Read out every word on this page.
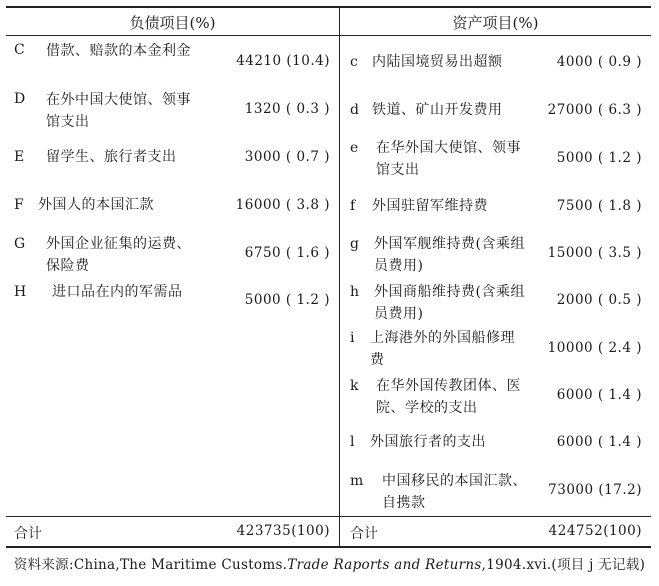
负债项目(%)	资产项目(%)
C 借款、赔款的本金利金
44210 (10.4)
D 在外中国大使馆、领事馆支出
1320 ( 0.3 )
E 留学生、旅行者支出	3000 ( 0.7 )
F 外国人的本国汇款	16000 ( 3.8 )
G 外国企业征集的运费、保险费
6750 ( 1.6 )
H 进口品在内的军需品	5000 ( 1.2 )
c 内陆国境贸易出超额	4000 ( 0.9 )
d 铁道、矿山开发费用	27000 ( 6.3 )
e 在华外国大使馆、领事馆支出
5000 ( 1.2 )
f 外国驻留军维持费	7500 ( 1.8 )
g 外国军舰维持费(含乘组员费用)
15000 ( 3.5 )
h 外国商船维持费(含乘组员费用)
2000 ( 0.5 )
i 上海港外的外国船修理费
10000 ( 2.4 )
k 在华外国传教团体、医院、学校的支出
6000 ( 1.4 )
l 外国旅行者的支出	6000 ( 1.4 )
m 中国移民的本国汇款、自携款
73000 (17.2)
合计	423735(100) 合计	424752(100)
资料来源:China,The Maritime Customs.Trade Raports and Returns,1904.xvi.(项目 j 无记载)
